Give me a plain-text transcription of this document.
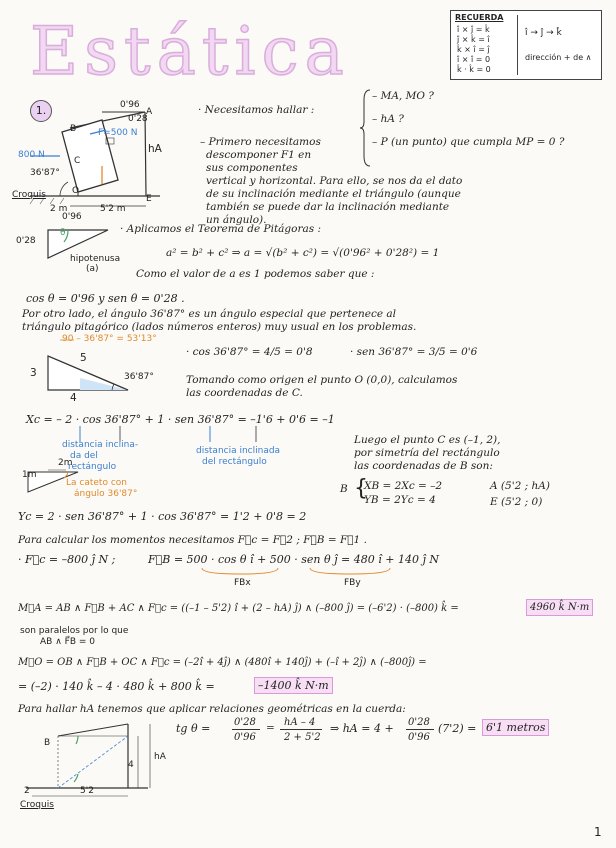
Estática	RECUERDA
î × ĵ = k̂
ĵ × k̂ = î
k̂ × î = ĵ
î × î = 0
k̂ · k̂ = 0
î → ĵ → k̂
dirección + de ∧
1.	0'96
A
0'28
B F=500 N
hA
800 N
C
36'87°
Croquis	O
E
5'2 m
2 m
· Necesitamos hallar :
– MA, MO ?
– hA ?
– P (un punto) que cumpla MP = 0 ?
– Primero necesitamos
descomponer F1 en
sus componentes
vertical y horizontal. Para ello, se nos da el dato
de su inclinación mediante el triángulo (aunque
también se puede dar la inclinación mediante
un ángulo).
0'96
0'28
θ
hipotenusa
(a)
· Aplicamos el Teorema de Pitágoras :
a² = b² + c² ⇒ a = √(b² + c²) = √(0'96² + 0'28²) = 1
Como el valor de a es 1 podemos saber que :
cos θ = 0'96 y sen θ = 0'28 .
Por otro lado, el ángulo 36'87° es un ángulo especial que pertenece al
triángulo pitagórico (lados números enteros) muy usual en los problemas.
90 – 36'87° = 53'13°
5
3
4
36'87°
· cos 36'87° = 4/5 = 0'8	· sen 36'87° = 3/5 = 0'6
Tomando como origen el punto O (0,0), calculamos
las coordenadas de C.
Xc = – 2 · cos 36'87° + 1 · sen 36'87° = –1'6 + 0'6 = –1
distancia inclina-
da del
rectángulo
distancia inclinada
del rectángulo
Luego el punto C es (–1, 2),
por simetría del rectángulo
las coordenadas de B son:
B {
XB = 2Xc = –2
YB = 2Yc = 4
A (5'2 ; hA)
E (5'2 ; 0)
1m
2m
La cateto con
ángulo 36'87°
Yc = 2 · sen 36'87° + 1 · cos 36'87° = 1'2 + 0'8 = 2
Para calcular los momentos necesitamos F⃗c = F⃗2 ; F⃗B = F⃗1 .
· F⃗c = –800 ĵ N ;	F⃗B = 500 · cos θ î + 500 · sen θ ĵ = 480 î + 140 ĵ N
FBx	FBy
M⃗A = AB ∧ F⃗B + AC ∧ F⃗c = ((–1 – 5'2) î + (2 – hA) ĵ) ∧ (–800 ĵ) = (–6'2) · (–800) k̂ =	4960 k̂ N·m
son paralelos por lo que
AB ∧ F⃗B = 0
M⃗O = OB ∧ F⃗B + OC ∧ F⃗c = (–2î + 4ĵ) ∧ (480î + 140ĵ) + (–î + 2ĵ) ∧ (–800ĵ) =
= (–2) · 140 k̂ – 4 · 480 k̂ + 800 k̂ =	–1400 k̂ N·m
Para hallar hA tenemos que aplicar relaciones geométricas en la cuerda:
tg θ = 0'28
0'96
= hA – 4
2 + 5'2
⇒ hA = 4 + 0'28
0'96
(7'2) = 6'1 metros
B
hA
4
2	5'2
Croquis
1
